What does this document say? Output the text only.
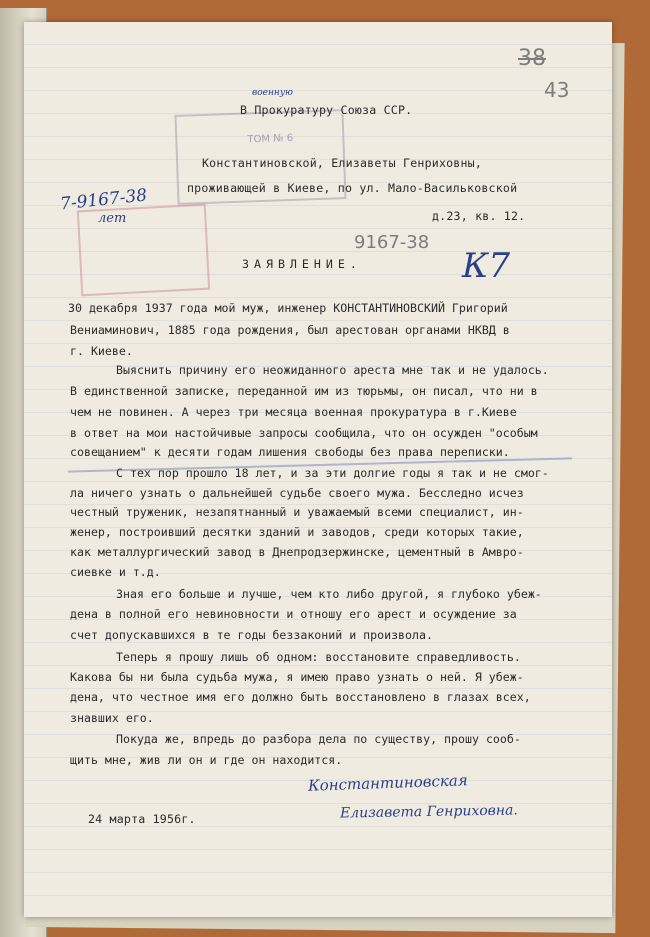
ТОМ № 6
38
43
военную
В Прокуратуру Союза ССР.
Константиновской, Елизаветы Генриховны,
проживающей в Киеве, по ул. Мало-Васильковской
д.23, кв. 12.
7-9167-38
лет
9167-38
К7
ЗАЯВЛЕНИЕ.
30 декабря 1937 года мой муж, инженер КОНСТАНТИНОВСКИЙ Григорий
Вениаминович, 1885 года рождения, был арестован органами НКВД в
г. Киеве.
Выяснить причину его неожиданного ареста мне так и не удалось.
В единственной записке, переданной им из тюрьмы, он писал, что ни в
чем не повинен. А через три месяца военная прокуратура в г.Киеве
в ответ на мои настойчивые запросы сообщила, что он осужден "особым
совещанием" к десяти годам лишения свободы без права переписки.
С тех пор прошло 18 лет, и за эти долгие годы я так и не смог-
ла ничего узнать о дальнейшей судьбе своего мужа. Бесследно исчез
честный труженик, незапятнанный и уважаемый всеми специалист, ин-
женер, построивший десятки зданий и заводов, среди которых такие,
как металлургический завод в Днепродзержинске, цементный в Амвро-
сиевке и т.д.
Зная его больше и лучше, чем кто либо другой, я глубоко убеж-
дена в полной его невиновности и отношу его арест и осуждение за
счет допускавшихся в те годы беззаконий и произвола.
Теперь я прошу лишь об одном: восстановите справедливость.
Какова бы ни была судьба мужа, я имею право узнать о ней. Я убеж-
дена, что честное имя его должно быть восстановлено в глазах всех,
знавших его.
Покуда же, впредь до разбора дела по существу, прошу сооб-
щить мне, жив ли он и где он находится.
24 марта 1956г.
Константиновская
Елизавета Генриховна.
